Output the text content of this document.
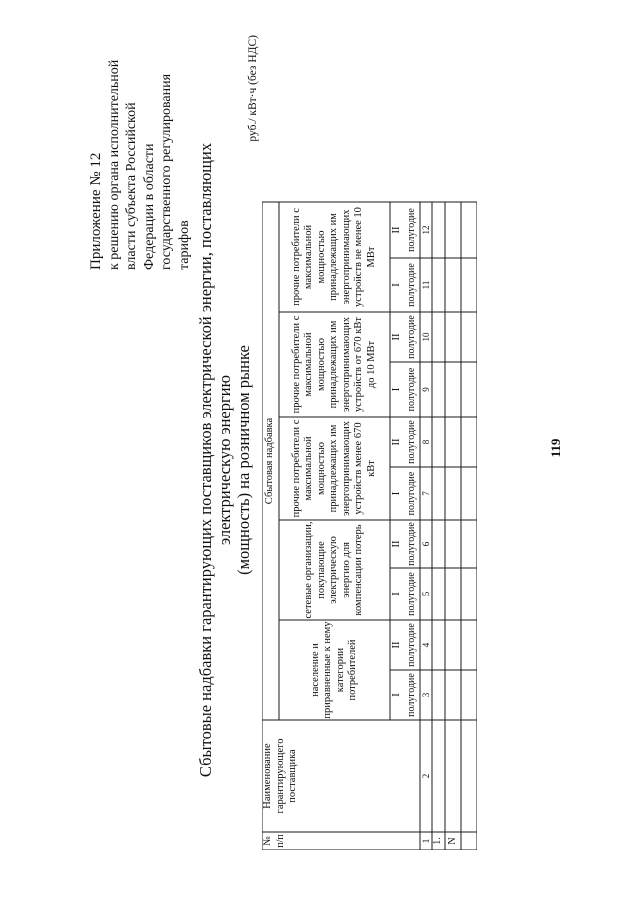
119
Приложение № 12 к решению органа исполнительной власти субъекта Российской Федерации в области государственного регулирования тарифов Сбытовые надбавки гарантирующих поставщиков электрической энергии, поставляющих электрическую энергию (мощность) на розничном рынке
руб./ кВт·ч (без НДС)
№ п/п
Наименование гарантирующего поставщика
Сбытовая надбавка
население и приравненные к нему категории потребителей	I полугодие
II полугодие
сетевые организации, покупающие электрическую энергию для компенсации потерь	I полугодие
II полугодие
прочие потребители с максимальной мощностью принадлежащих им энергопринимающих устройств менее 670 кВт
I полугодие
II полугодие
прочие потребители с максимальной мощностью принадлежащих им энергопринимающих устройств от 670 кВт до 10 МВт
I полугодие
II полугодие
прочие потребители с максимальной мощностью принадлежащих им энергопринимающих устройств не менее 10 МВт
I полугодие
II полугодие
1
2
3
4
5
6
7
8
9
10
11
12
1. N
